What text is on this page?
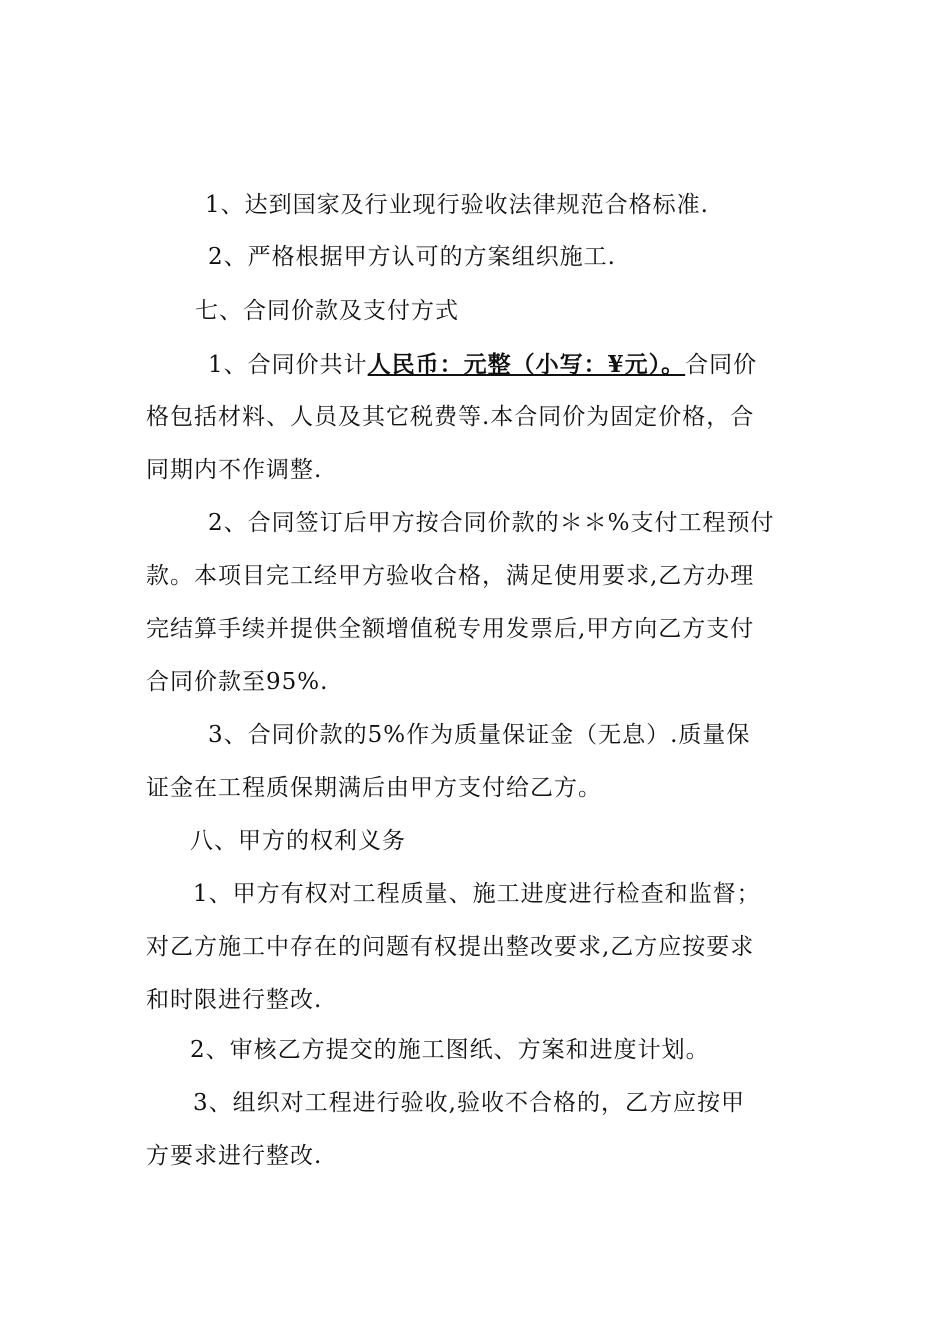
1、达到国家及行业现行验收法律规范合格标准.
2、严格根据甲方认可的方案组织施工.
七、合同价款及支付方式
1、合同价共计人民币：元整（小写：¥元）。合同价
格包括材料、人员及其它税费等.本合同价为固定价格，合
同期内不作调整.
2、合同签订后甲方按合同价款的＊＊%支付工程预付
款。本项目完工经甲方验收合格，满足使用要求,乙方办理
完结算手续并提供全额增值税专用发票后,甲方向乙方支付
合同价款至95%.
3、合同价款的5%作为质量保证金（无息）.质量保
证金在工程质保期满后由甲方支付给乙方。
八、甲方的权利义务
1、甲方有权对工程质量、施工进度进行检查和监督；
对乙方施工中存在的问题有权提出整改要求,乙方应按要求
和时限进行整改.
2、审核乙方提交的施工图纸、方案和进度计划。
3、组织对工程进行验收,验收不合格的，乙方应按甲
方要求进行整改.
